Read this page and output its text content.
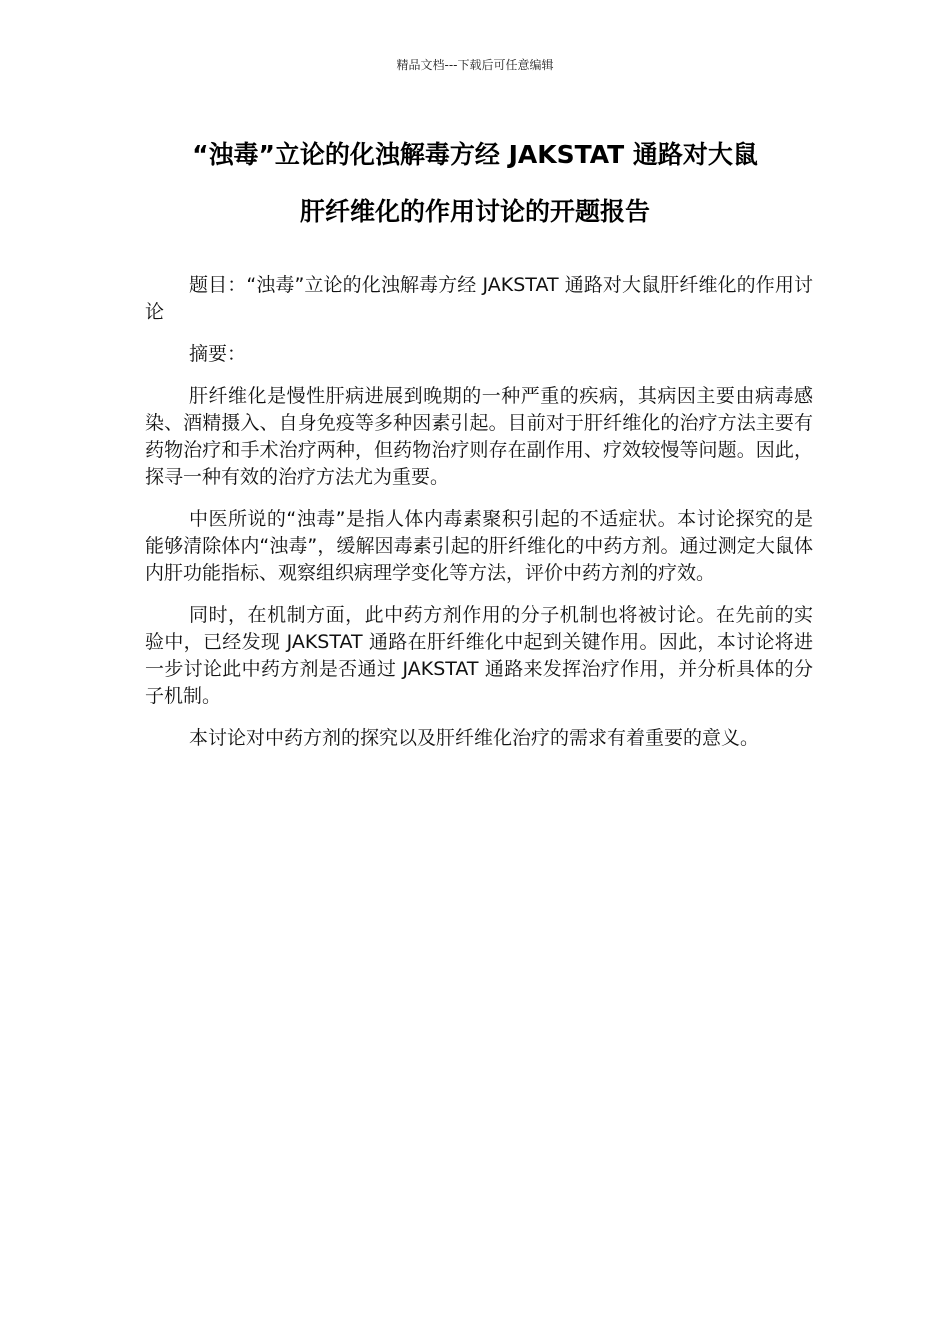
精品文档---下载后可任意编辑
“浊毒”立论的化浊解毒方经 JAKSTAT 通路对大鼠
肝纤维化的作用讨论的开题报告

题目：“浊毒”立论的化浊解毒方经 JAKSTAT 通路对大鼠肝纤维化的作用讨论

摘要：

肝纤维化是慢性肝病进展到晚期的一种严重的疾病，其病因主要由病毒感染、酒精摄入、自身免疫等多种因素引起。目前对于肝纤维化的治疗方法主要有药物治疗和手术治疗两种，但药物治疗则存在副作用、疗效较慢等问题。因此，探寻一种有效的治疗方法尤为重要。

中医所说的“浊毒”是指人体内毒素聚积引起的不适症状。本讨论探究的是能够清除体内“浊毒”，缓解因毒素引起的肝纤维化的中药方剂。通过测定大鼠体内肝功能指标、观察组织病理学变化等方法，评价中药方剂的疗效。

同时，在机制方面，此中药方剂作用的分子机制也将被讨论。在先前的实验中，已经发现 JAKSTAT 通路在肝纤维化中起到关键作用。因此，本讨论将进一步讨论此中药方剂是否通过 JAKSTAT 通路来发挥治疗作用，并分析具体的分子机制。

本讨论对中药方剂的探究以及肝纤维化治疗的需求有着重要的意义。
